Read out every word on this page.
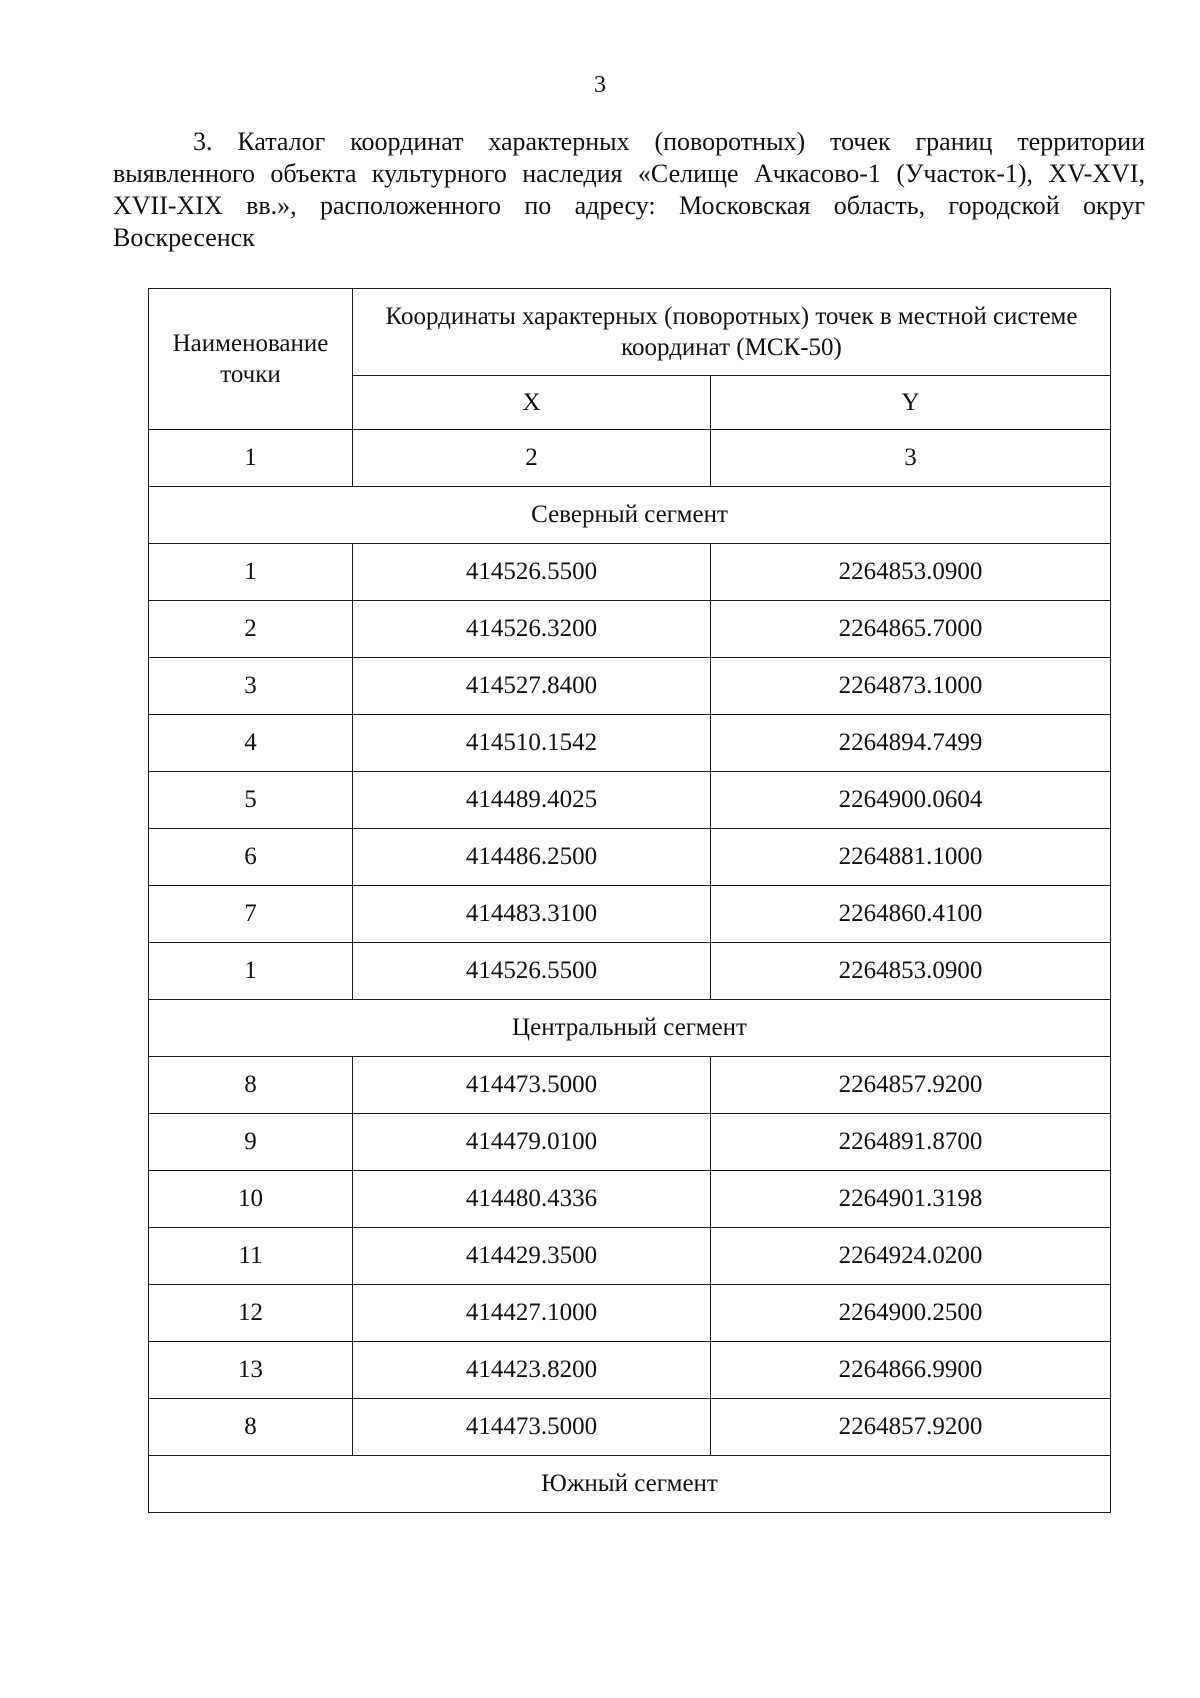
3

3. Каталог координат характерных (поворотных) точек границ территории выявленного объекта культурного наследия «Селище Ачкасово-1 (Участок-1), XV-XVI, XVII-XIX вв.», расположенного по адресу: Московская область, городской округ Воскресенск

Наименование точки	Координаты характерных (поворотных) точек в местной системе координат (МСК-50)	
	X	Y
1	2	3
Северный сегмент		
1	414526.5500	2264853.0900
2	414526.3200	2264865.7000
3	414527.8400	2264873.1000
4	414510.1542	2264894.7499
5	414489.4025	2264900.0604
6	414486.2500	2264881.1000
7	414483.3100	2264860.4100
1	414526.5500	2264853.0900
Центральный сегмент		
8	414473.5000	2264857.9200
9	414479.0100	2264891.8700
10	414480.4336	2264901.3198
11	414429.3500	2264924.0200
12	414427.1000	2264900.2500
13	414423.8200	2264866.9900
8	414473.5000	2264857.9200
Южный сегмент		
